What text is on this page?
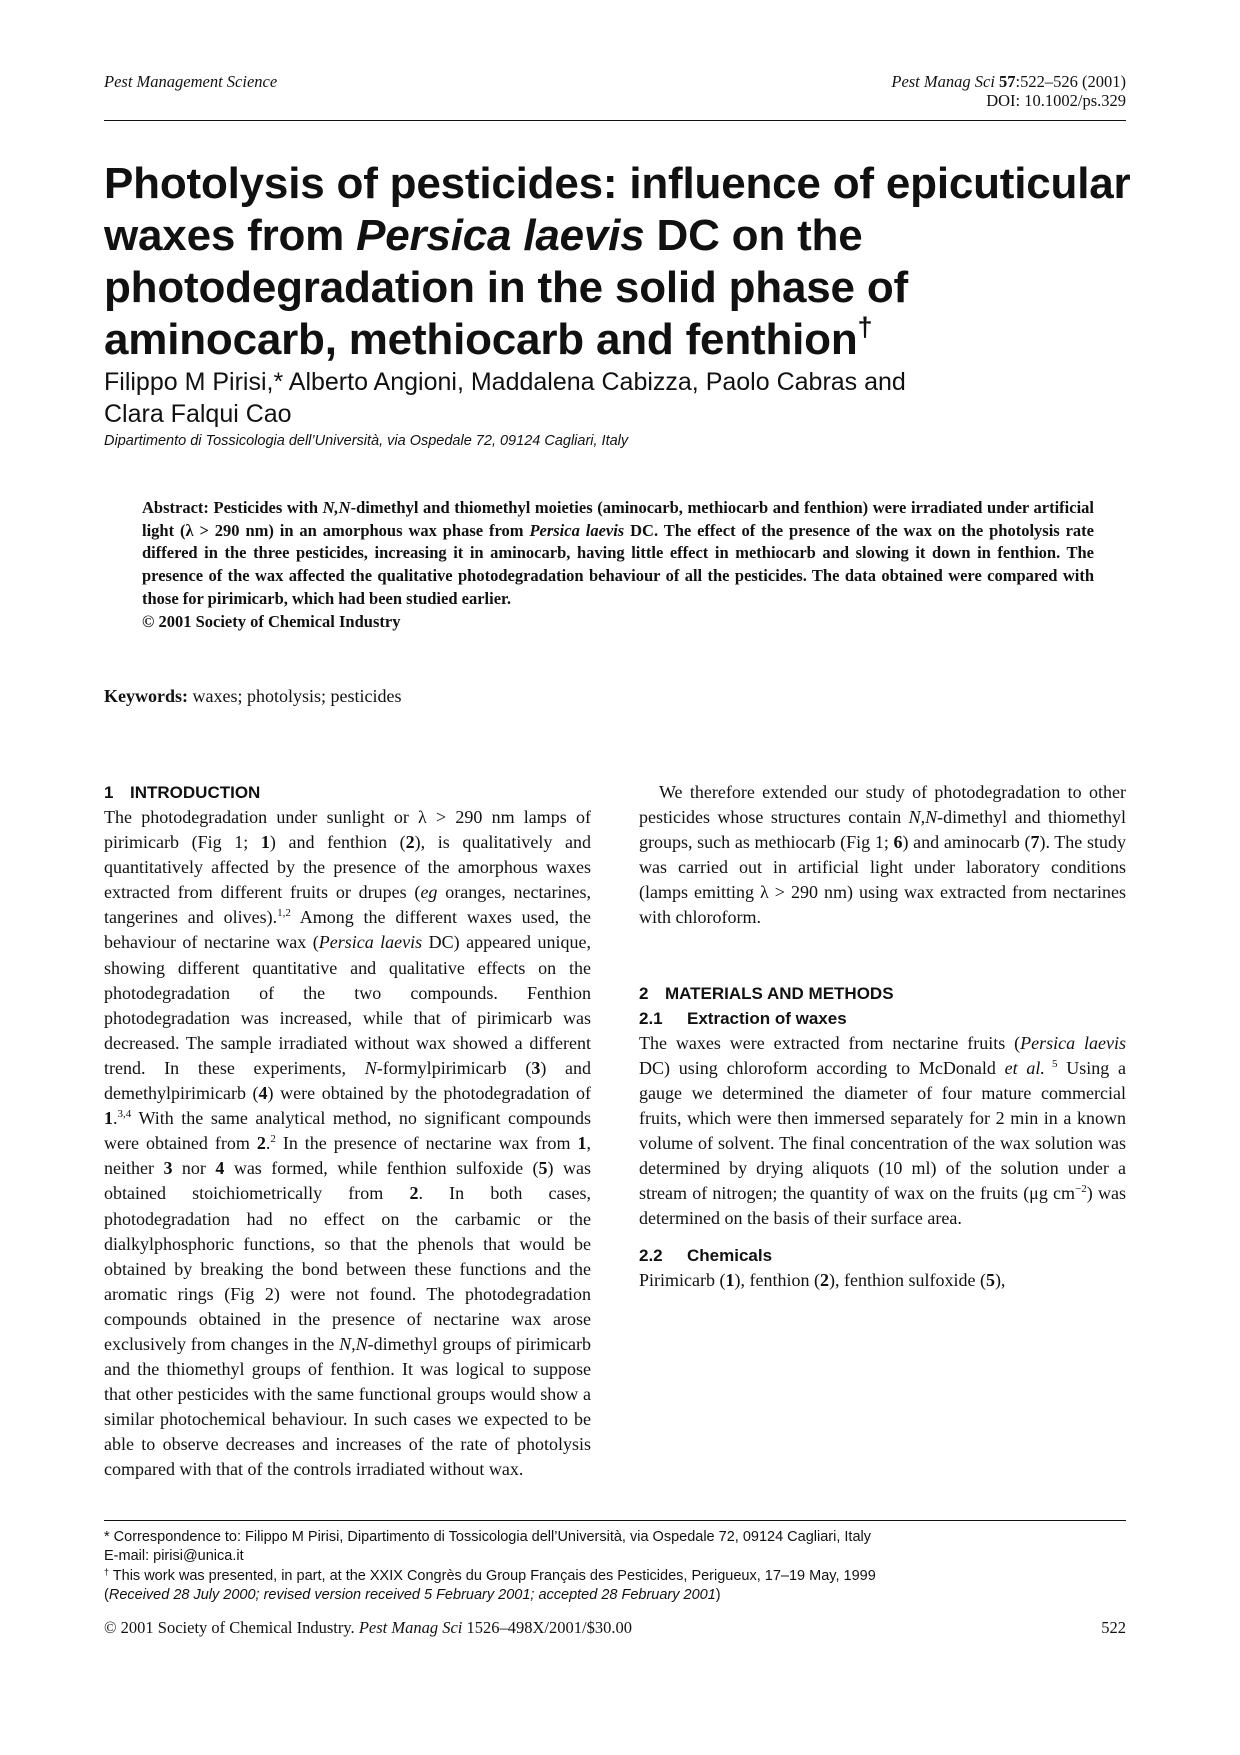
Pest Management Science	Pest Manag Sci 57:522–526 (2001)
DOI: 10.1002/ps.329
Photolysis of pesticides: influence of epicuticular waxes from Persica laevis DC on the photodegradation in the solid phase of aminocarb, methiocarb and fenthion†
Filippo M Pirisi,* Alberto Angioni, Maddalena Cabizza, Paolo Cabras and
Clara Falqui Cao
Dipartimento di Tossicologia dell’Università, via Ospedale 72, 09124 Cagliari, Italy
Abstract: Pesticides with N,N-dimethyl and thiomethyl moieties (aminocarb, methiocarb and fenthion) were irradiated under artificial light (λ > 290 nm) in an amorphous wax phase from Persica laevis DC. The effect of the presence of the wax on the photolysis rate differed in the three pesticides, increasing it in aminocarb, having little effect in methiocarb and slowing it down in fenthion. The presence of the wax affected the qualitative photodegradation behaviour of all the pesticides. The data obtained were compared with those for pirimicarb, which had been studied earlier.
© 2001 Society of Chemical Industry
Keywords: waxes; photolysis; pesticides
1 INTRODUCTION

The photodegradation under sunlight or λ > 290 nm lamps of pirimicarb (Fig 1; 1) and fenthion (2), is qualitatively and quantitatively affected by the presence of the amorphous waxes extracted from different fruits or drupes (eg oranges, nectarines, tangerines and olives).$^{1,2}$ Among the different waxes used, the behaviour of nectarine wax (Persica laevis DC) appeared unique, showing different quantitative and qualitative effects on the photodegradation of the two compounds. Fenthion photodegradation was increased, while that of pirimicarb was decreased. The sample irradiated without wax showed a different trend. In these experiments, N-formylpirimicarb (3) and demethylpirimicarb (4) were obtained by the photodegradation of 1.$^{3,4}$ With the same analytical method, no significant compounds were obtained from 2.$^2$ In the presence of nectarine wax from 1, neither 3 nor 4 was formed, while fenthion sulfoxide (5) was obtained stoichiometrically from 2. In both cases, photodegradation had no effect on the carbamic or the dialkylphosphoric functions, so that the phenols that would be obtained by breaking the bond between these functions and the aromatic rings (Fig 2) were not found. The photodegradation compounds obtained in the presence of nectarine wax arose exclusively from changes in the N,N-dimethyl groups of pirimicarb and the thiomethyl groups of fenthion. It was logical to suppose that other pesticides with the same functional groups would show a similar photochemical behaviour. In such cases we expected to be able to observe decreases and increases of the rate of photolysis compared with that of the controls irradiated without wax.

We therefore extended our study of photodegradation to other pesticides whose structures contain N,N-dimethyl and thiomethyl groups, such as methiocarb (Fig 1; 6) and aminocarb (7). The study was carried out in artificial light under laboratory conditions (lamps emitting λ > 290 nm) using wax extracted from nectarines with chloroform.

2 MATERIALS AND METHODS
2.1 Extraction of waxes

The waxes were extracted from nectarine fruits (Persica laevis DC) using chloroform according to McDonald et al. $^5$ Using a gauge we determined the diameter of four mature commercial fruits, which were then immersed separately for 2 min in a known volume of solvent. The final concentration of the wax solution was determined by drying aliquots (10 ml) of the solution under a stream of nitrogen; the quantity of wax on the fruits (μg $cm^{-2}$) was determined on the basis of their surface area.

2.2 Chemicals

Pirimicarb (1), fenthion (2), fenthion sulfoxide (5),

* Correspondence to: Filippo M Pirisi, Dipartimento di Tossicologia dell’Università, via Ospedale 72, 09124 Cagliari, Italy
E-mail: pirisi@unica.it
† This work was presented, in part, at the XXIX Congrès du Group Français des Pesticides, Perigueux, 17–19 May, 1999
(Received 28 July 2000; revised version received 5 February 2001; accepted 28 February 2001)
© 2001 Society of Chemical Industry. Pest Manag Sci 1526–498X/2001/$30.00	522
